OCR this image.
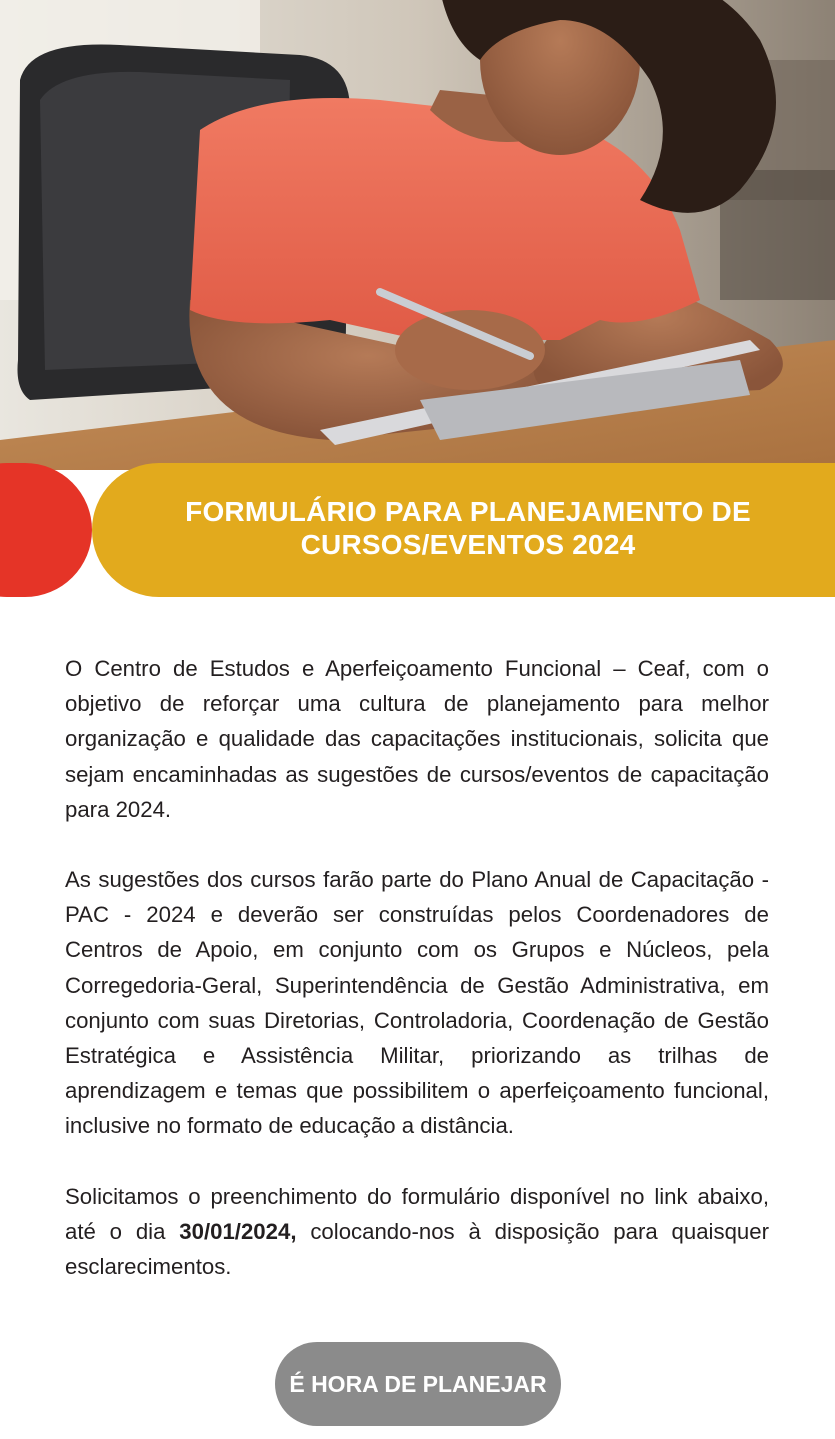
FORMULÁRIO PARA PLANEJAMENTO DE
CURSOS/EVENTOS 2024

O Centro de Estudos e Aperfeiçoamento Funcional – Ceaf, com o objetivo de reforçar uma cultura de planejamento para melhor organização e qualidade das capacitações institucionais, solicita que sejam encaminhadas as sugestões de cursos/eventos de capacitação para 2024.

As sugestões dos cursos farão parte do Plano Anual de Capacitação - PAC - 2024 e deverão ser construídas pelos Coordenadores de Centros de Apoio, em conjunto com os Grupos e Núcleos, pela Corregedoria-Geral, Superintendência de Gestão Administrativa, em conjunto com suas Diretorias, Controladoria, Coordenação de Gestão Estratégica e Assistência Militar, priorizando as trilhas de aprendizagem e temas que possibilitem o aperfeiçoamento funcional, inclusive no formato de educação a distância.

Solicitamos o preenchimento do formulário disponível no link abaixo, até o dia 30/01/2024, colocando-nos à disposição para quaisquer esclarecimentos.

É HORA DE PLANEJAR
